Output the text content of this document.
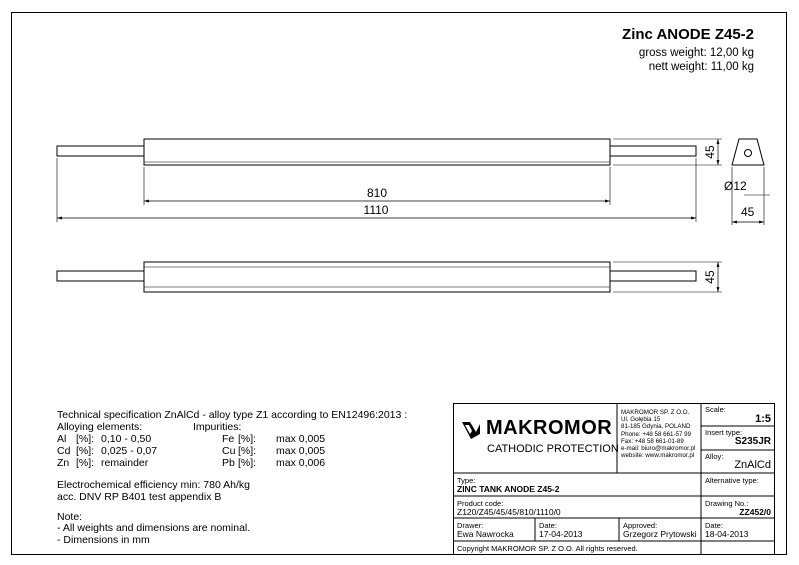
Zinc ANODE Z45-2
gross weight: 12,00 kg
nett weight: 11,00 kg
810
1110
45
45
Ø12
45
Technical specification ZnAlCd - alloy type Z1 according to EN12496:2013 :
Alloying elements:	Impurities:
Al [%]: 0,10 - 0,50	Fe [%]: max 0,005
Cd [%]: 0,025 - 0,07	Cu [%]: max 0,005
Zn [%]: remainder	Pb [%]: max 0,006
Electrochemical efficiency min: 780 Ah/kg
acc. DNV RP B401 test appendix B
Note:
- All weights and dimensions are nominal.
- Dimensions in mm
MAKROMOR
CATHODIC PROTECTION
MAKROMOR SP. Z O.O.
Ul. Gołębia 15
81-185 Gdynia, POLAND
Phone: +48 58 661-57 99
Fax: +48 58 661-01-89
e-mail: biuro@makromor.pl
website: www.makromor.pl
Scale:
1:5
Insert type:
S235JR
Alloy:
ZnAlCd
Alternative type:
Drawing No.:
ZZ452/0
Date:
18-04-2013
Type:
ZINC TANK ANODE Z45-2
Product code:
Z120/Z45/45/45/810/1110/0
Drawer:
Ewa Nawrocka
Date:
17-04-2013
Approved:
Grzegorz Prytowski
Copyright MAKROMOR SP. Z O.O. All rights reserved.
